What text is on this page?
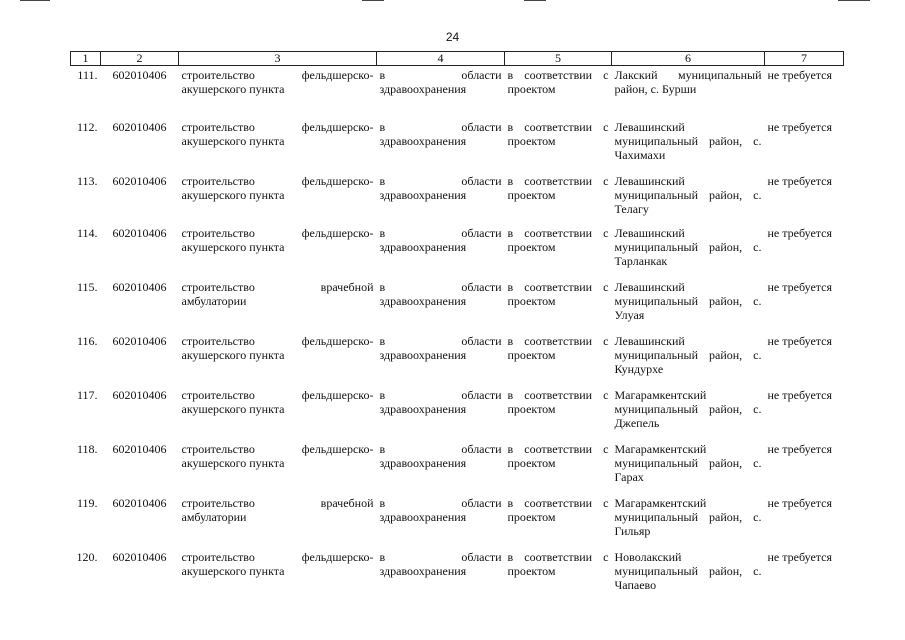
24
1	2	3	4	5	6	7
111.	602010406	строительство фельдшерско-акушерского пункта	в области здравоохранения	в соответствии с проектом	Лакский муниципальный район, с. Бурши	не требуется
112.	602010406	строительство фельдшерско-акушерского пункта	в области здравоохранения	в соответствии с проектом	Левашинский муниципальный район, с. Чахимахи	не требуется
113.	602010406	строительство фельдшерско-акушерского пункта	в области здравоохранения	в соответствии с проектом	Левашинский муниципальный район, с. Телагу	не требуется
114.	602010406	строительство фельдшерско-акушерского пункта	в области здравоохранения	в соответствии с проектом	Левашинский муниципальный район, с. Тарланкак	не требуется
115.	602010406	строительство врачебной амбулатории	в области здравоохранения	в соответствии с проектом	Левашинский муниципальный район, с. Улуая	не требуется
116.	602010406	строительство фельдшерско-акушерского пункта	в области здравоохранения	в соответствии с проектом	Левашинский муниципальный район, с. Кундурхе	не требуется
117.	602010406	строительство фельдшерско-акушерского пункта	в области здравоохранения	в соответствии с проектом	Магарамкентский муниципальный район, с. Джепель	не требуется
118.	602010406	строительство фельдшерско-акушерского пункта	в области здравоохранения	в соответствии с проектом	Магарамкентский муниципальный район, с. Гарах	не требуется
119.	602010406	строительство врачебной амбулатории	в области здравоохранения	в соответствии с проектом	Магарамкентский муниципальный район, с. Гильяр	не требуется
120.	602010406	строительство фельдшерско-акушерского пункта	в области здравоохранения	в соответствии с проектом	Новолакский муниципальный район, с. Чапаево	не требуется
